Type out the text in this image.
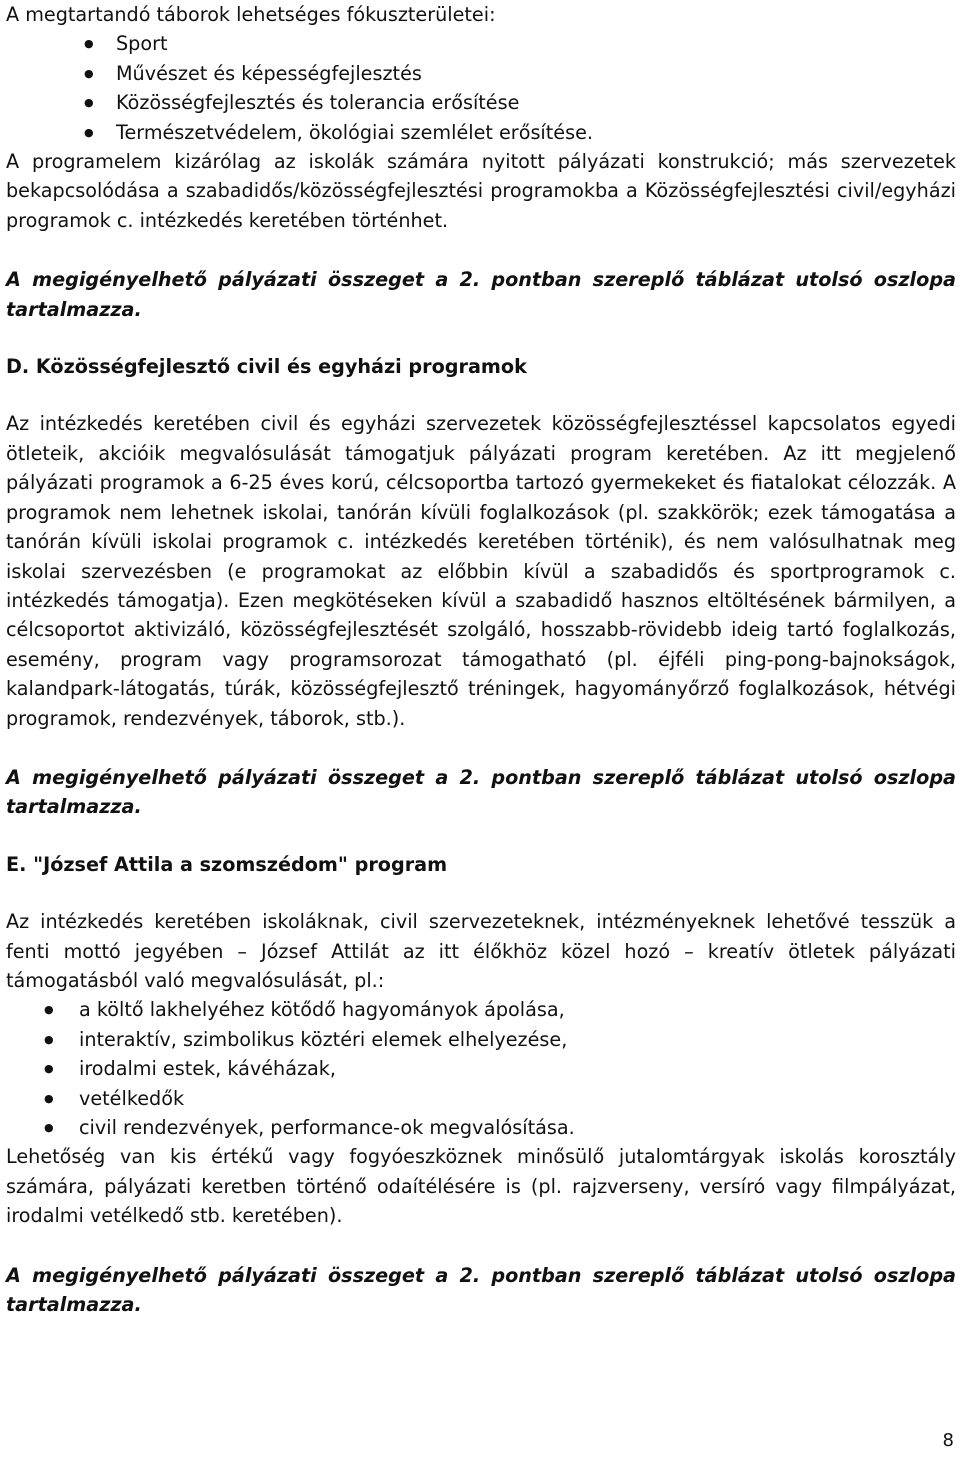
A megtartandó táborok lehetséges fókuszterületei:

● Sport
● Művészet és képességfejlesztés
● Közösségfejlesztés és tolerancia erősítése
● Természetvédelem, ökológiai szemlélet erősítése.

A programelem kizárólag az iskolák számára nyitott pályázati konstrukció; más szervezetek bekapcsolódása a szabadidős/közösségfejlesztési programokba a Közösségfejlesztési civil/egyházi programok c. intézkedés keretében történhet.

A megigényelhető pályázati összeget a 2. pontban szereplő táblázat utolsó oszlopa tartalmazza.

D. Közösségfejlesztő civil és egyházi programok

Az intézkedés keretében civil és egyházi szervezetek közösségfejlesztéssel kapcsolatos egyedi ötleteik, akcióik megvalósulását támogatjuk pályázati program keretében. Az itt megjelenő pályázati programok a 6-25 éves korú, célcsoportba tartozó gyermekeket és fiatalokat célozzák. A programok nem lehetnek iskolai, tanórán kívüli foglalkozások (pl. szakkörök; ezek támogatása a tanórán kívüli iskolai programok c. intézkedés keretében történik), és nem valósulhatnak meg iskolai szervezésben (e programokat az előbbin kívül a szabadidős és sportprogramok c. intézkedés támogatja). Ezen megkötéseken kívül a szabadidő hasznos eltöltésének bármilyen, a célcsoportot aktivizáló, közösségfejlesztését szolgáló, hosszabb-rövidebb ideig tartó foglalkozás, esemény, program vagy programsorozat támogatható (pl. éjféli ping-pong-bajnokságok, kalandpark-látogatás, túrák, közösségfejlesztő tréningek, hagyományőrző foglalkozások, hétvégi programok, rendezvények, táborok, stb.).

A megigényelhető pályázati összeget a 2. pontban szereplő táblázat utolsó oszlopa tartalmazza.

E. "József Attila a szomszédom" program

Az intézkedés keretében iskoláknak, civil szervezeteknek, intézményeknek lehetővé tesszük a fenti mottó jegyében – József Attilát az itt élőkhöz közel hozó – kreatív ötletek pályázati támogatásból való megvalósulását, pl.:

● a költő lakhelyéhez kötődő hagyományok ápolása,
● interaktív, szimbolikus köztéri elemek elhelyezése,
● irodalmi estek, kávéházak,
● vetélkedők
● civil rendezvények, performance-ok megvalósítása.

Lehetőség van kis értékű vagy fogyóeszköznek minősülő jutalomtárgyak iskolás korosztály számára, pályázati keretben történő odaítélésére is (pl. rajzverseny, versíró vagy filmpályázat, irodalmi vetélkedő stb. keretében).

A megigényelhető pályázati összeget a 2. pontban szereplő táblázat utolsó oszlopa tartalmazza.

8
